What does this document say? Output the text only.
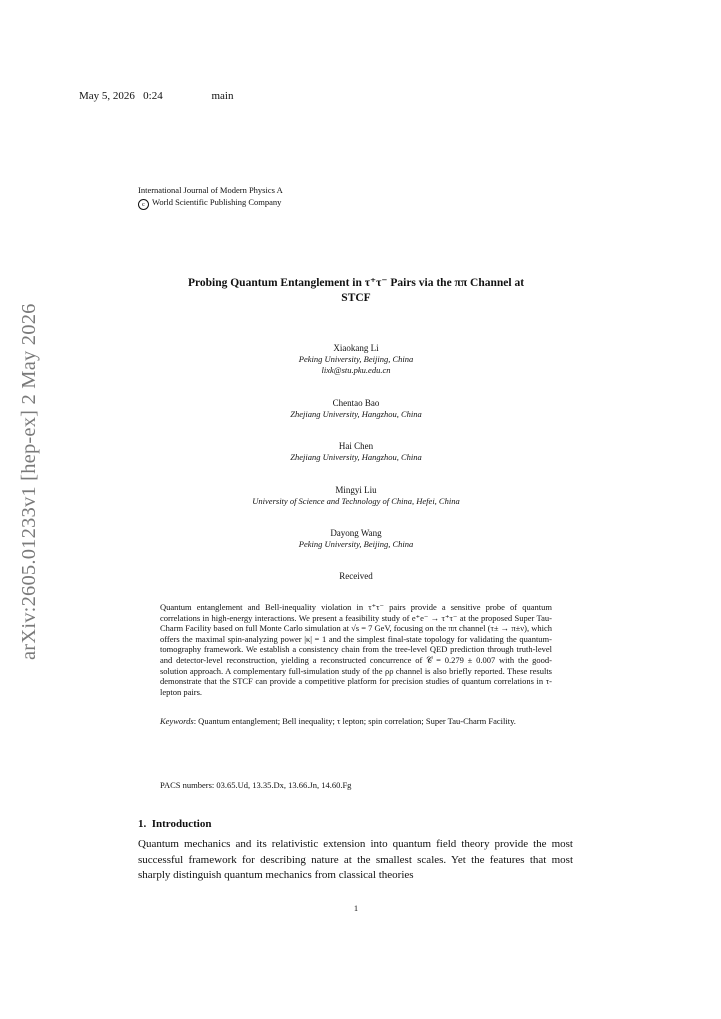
May 5, 2026 0:24	main
International Journal of Modern Physics A
c World Scientific Publishing Company
arXiv:2605.01233v1 [hep-ex] 2 May 2026
Probing Quantum Entanglement in τ⁺τ⁻ Pairs via the ππ Channel at
STCF
Xiaokang Li
Peking University, Beijing, China
lixk@stu.pku.edu.cn
Chentao Bao
Zhejiang University, Hangzhou, China
Hai Chen
Zhejiang University, Hangzhou, China
Mingyi Liu
University of Science and Technology of China, Hefei, China
Dayong Wang
Peking University, Beijing, China
Received
Quantum entanglement and Bell-inequality violation in τ⁺τ⁻ pairs provide a sensitive probe of quantum correlations in high-energy interactions. We present a feasibility study of e⁺e⁻ → τ⁺τ⁻ at the proposed Super Tau-Charm Facility based on full Monte Carlo simulation at √s = 7 GeV, focusing on the ππ channel (τ± → π±ν), which offers the maximal spin-analyzing power |κ| = 1 and the simplest final-state topology for validating the quantum-tomography framework. We establish a consistency chain from the tree-level QED prediction through truth-level and detector-level reconstruction, yielding a reconstructed concurrence of 𝒞 = 0.279 ± 0.007 with the good-solution approach. A complementary full-simulation study of the ρρ channel is also briefly reported. These results demonstrate that the STCF can provide a competitive platform for precision studies of quantum correlations in τ-lepton pairs.
Keywords: Quantum entanglement; Bell inequality; τ lepton; spin correlation; Super Tau-Charm Facility.
PACS numbers: 03.65.Ud, 13.35.Dx, 13.66.Jn, 14.60.Fg
1. Introduction
Quantum mechanics and its relativistic extension into quantum field theory provide the most successful framework for describing nature at the smallest scales. Yet the features that most sharply distinguish quantum mechanics from classical theories
1
